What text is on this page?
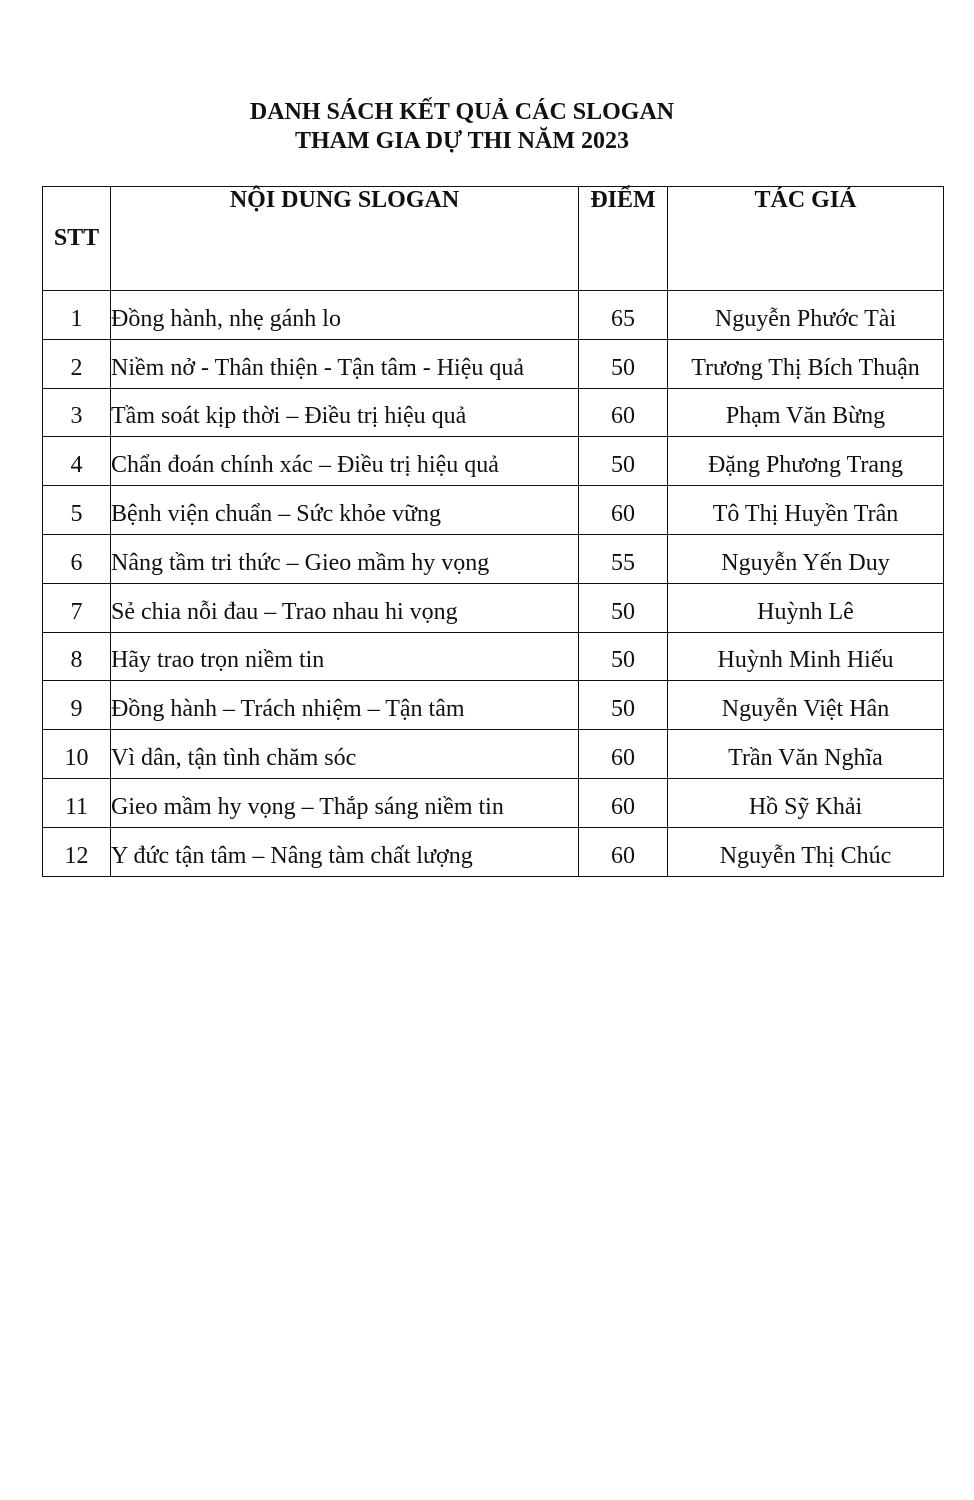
DANH SÁCH KẾT QUẢ CÁC SLOGAN
THAM GIA DỰ THI NĂM 2023
STT	NỘI DUNG SLOGAN	ĐIỂM	TÁC GIẢ
1	Đồng hành, nhẹ gánh lo	65	Nguyễn Phước Tài
2	Niềm nở - Thân thiện - Tận tâm - Hiệu quả	50	Trương Thị Bích Thuận
3	Tầm soát kịp thời – Điều trị hiệu quả	60	Phạm Văn Bừng
4	Chẩn đoán chính xác – Điều trị hiệu quả	50	Đặng Phương Trang
5	Bệnh viện chuẩn – Sức khỏe vững	60	Tô Thị Huyền Trân
6	Nâng tầm tri thức – Gieo mầm hy vọng	55	Nguyễn Yến Duy
7	Sẻ chia nỗi đau – Trao nhau hi vọng	50	Huỳnh Lê
8	Hãy trao trọn niềm tin	50	Huỳnh Minh Hiếu
9	Đồng hành – Trách nhiệm – Tận tâm	50	Nguyễn Việt Hân
10	Vì dân, tận tình chăm sóc	60	Trần Văn Nghĩa
11	Gieo mầm hy vọng – Thắp sáng niềm tin	60	Hồ Sỹ Khải
12	Y đức tận tâm – Nâng tàm chất lượng	60	Nguyễn Thị Chúc
